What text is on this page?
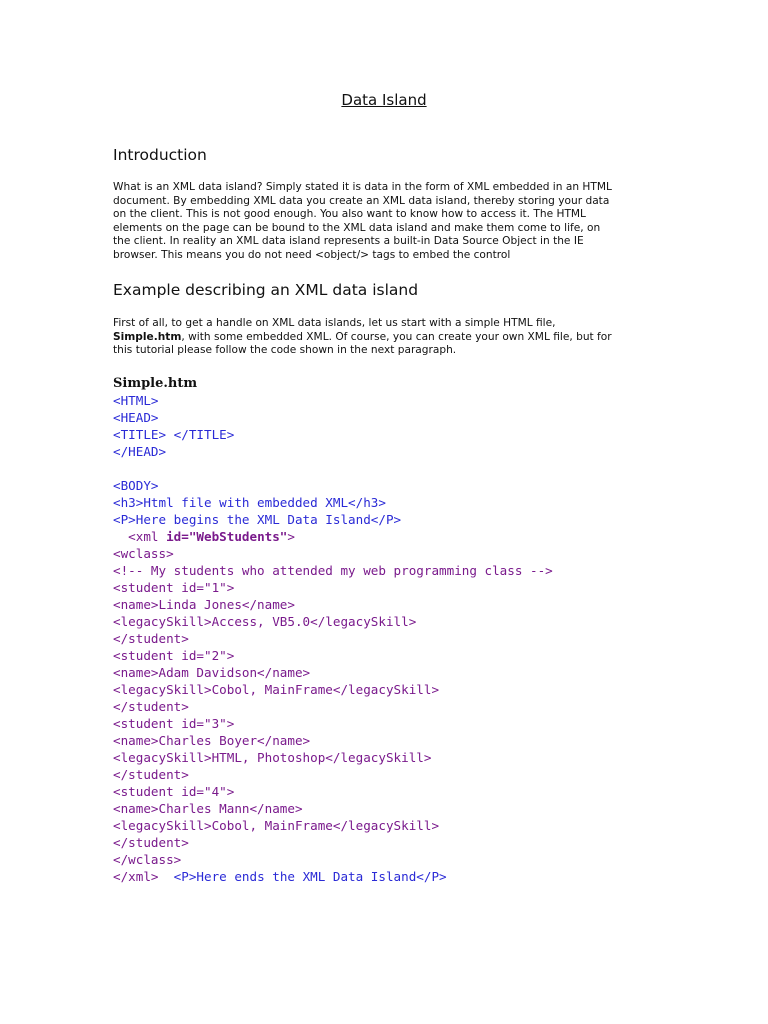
Data Island
Introduction
What is an XML data island? Simply stated it is data in the form of XML embedded in an HTML
document. By embedding XML data you create an XML data island, thereby storing your data
on the client. This is not good enough. You also want to know how to access it. The HTML
elements on the page can be bound to the XML data island and make them come to life, on
the client. In reality an XML data island represents a built-in Data Source Object in the IE
browser. This means you do not need <object/> tags to embed the control
Example describing an XML data island
First of all, to get a handle on XML data islands, let us start with a simple HTML file,
Simple.htm, with some embedded XML. Of course, you can create your own XML file, but for
this tutorial please follow the code shown in the next paragraph.
Simple.htm
<HTML>
<HEAD>
<TITLE> </TITLE>
</HEAD>
<BODY>
<h3>Html file with embedded XML</h3>
<P>Here begins the XML Data Island</P>
<xml id="WebStudents">
<wclass>
<!-- My students who attended my web programming class -->
<student id="1">
<name>Linda Jones</name>
<legacySkill>Access, VB5.0</legacySkill>
</student>
<student id="2">
<name>Adam Davidson</name>
<legacySkill>Cobol, MainFrame</legacySkill>
</student>
<student id="3">
<name>Charles Boyer</name>
<legacySkill>HTML, Photoshop</legacySkill>
</student>
<student id="4">
<name>Charles Mann</name>
<legacySkill>Cobol, MainFrame</legacySkill>
</student>
</wclass>
</xml>  <P>Here ends the XML Data Island</P>
